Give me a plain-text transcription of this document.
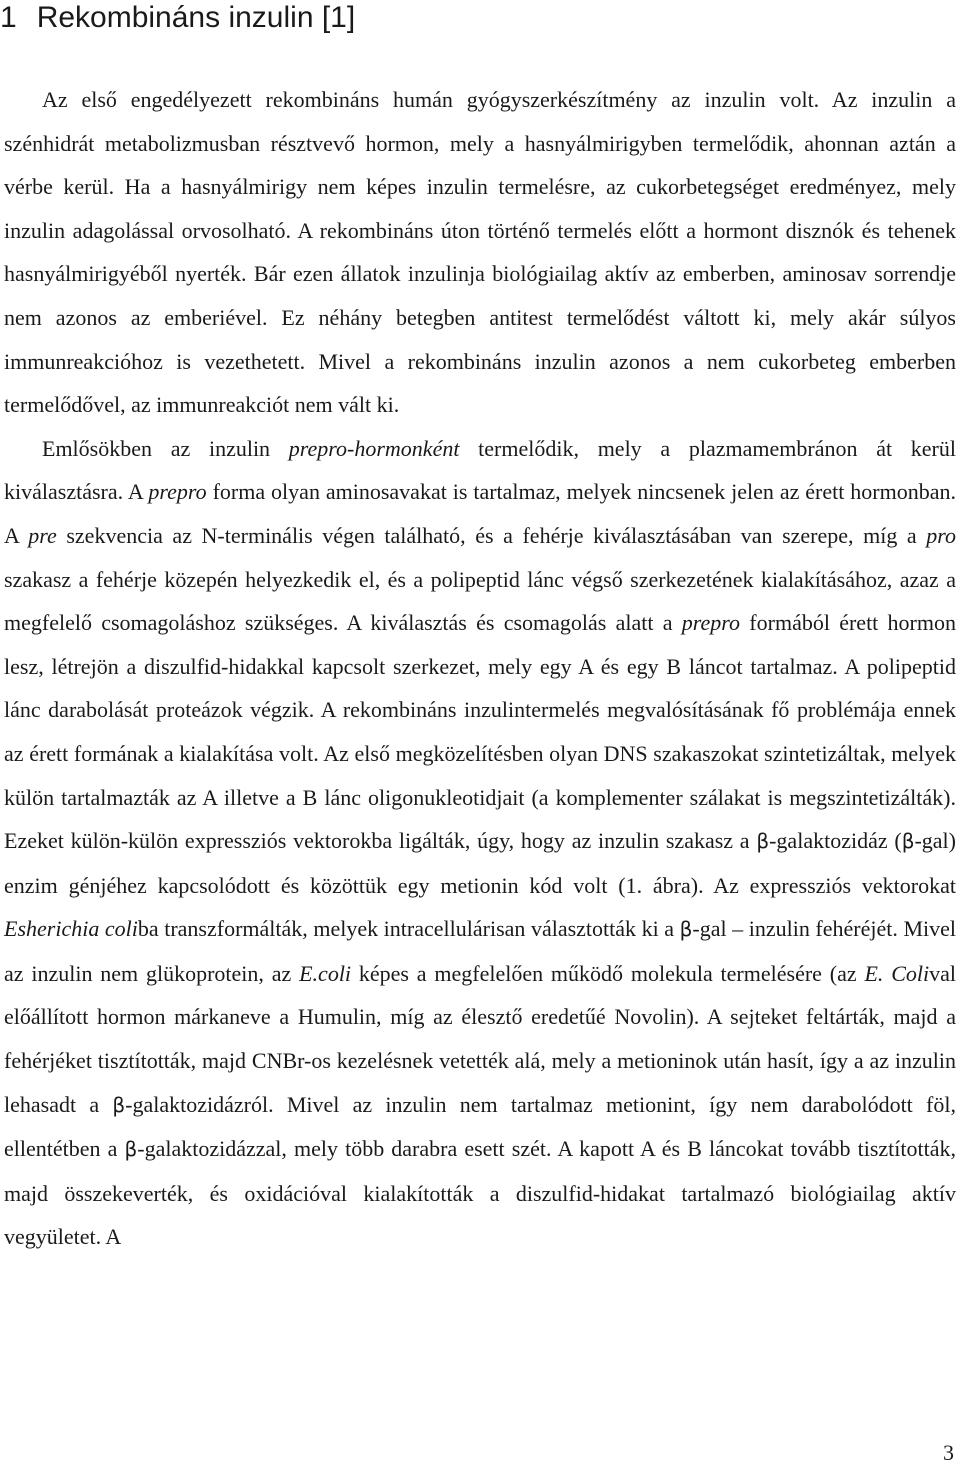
1 Rekombináns inzulin [1]

Az első engedélyezett rekombináns humán gyógyszerkészítmény az inzulin volt. Az inzulin a szénhidrát metabolizmusban résztvevő hormon, mely a hasnyálmirigyben termelődik, ahonnan aztán a vérbe kerül. Ha a hasnyálmirigy nem képes inzulin termelésre, az cukorbetegséget eredményez, mely inzulin adagolással orvosolható. A rekombináns úton történő termelés előtt a hormont disznók és tehenek hasnyálmirigyéből nyerték. Bár ezen állatok inzulinja biológiailag aktív az emberben, aminosav sorrendje nem azonos az emberiével. Ez néhány betegben antitest termelődést váltott ki, mely akár súlyos immunreakcióhoz is vezethetett. Mivel a rekombináns inzulin azonos a nem cukorbeteg emberben termelődővel, az immunreakciót nem vált ki.

Emlősökben az inzulin prepro-hormonként termelődik, mely a plazmamembránon át kerül kiválasztásra. A prepro forma olyan aminosavakat is tartalmaz, melyek nincsenek jelen az érett hormonban. A pre szekvencia az N-terminális végen található, és a fehérje kiválasztásában van szerepe, míg a pro szakasz a fehérje közepén helyezkedik el, és a polipeptid lánc végső szerkezetének kialakításához, azaz a megfelelő csomagoláshoz szükséges. A kiválasztás és csomagolás alatt a prepro formából érett hormon lesz, létrejön a diszulfid-hidakkal kapcsolt szerkezet, mely egy A és egy B láncot tartalmaz. A polipeptid lánc darabolását proteázok végzik. A rekombináns inzulintermelés megvalósításának fő problémája ennek az érett formának a kialakítása volt. Az első megközelítésben olyan DNS szakaszokat szintetizáltak, melyek külön tartalmazták az A illetve a B lánc oligonukleotidjait (a komplementer szálakat is megszintetizálták). Ezeket külön-külön expressziós vektorokba ligálták, úgy, hogy az inzulin szakasz a β-galaktozidáz (β-gal) enzim génjéhez kapcsolódott és közöttük egy metionin kód volt (1. ábra). Az expressziós vektorokat Esherichia coliba transzformálták, melyek intracellulárisan választották ki a β-gal – inzulin fehéréjét. Mivel az inzulin nem glükoprotein, az E.coli képes a megfelelően működő molekula termelésére (az E. Colival előállított hormon márkaneve a Humulin, míg az élesztő eredetűé Novolin). A sejteket feltárták, majd a fehérjéket tisztították, majd CNBr-os kezelésnek vetették alá, mely a metioninok után hasít, így a az inzulin lehasadt a β-galaktozidázról. Mivel az inzulin nem tartalmaz metionint, így nem darabolódott föl, ellentétben a β-galaktozidázzal, mely több darabra esett szét. A kapott A és B láncokat tovább tisztították, majd összekeverték, és oxidációval kialakították a diszulfid-hidakat tartalmazó biológiailag aktív vegyületet. A

3
